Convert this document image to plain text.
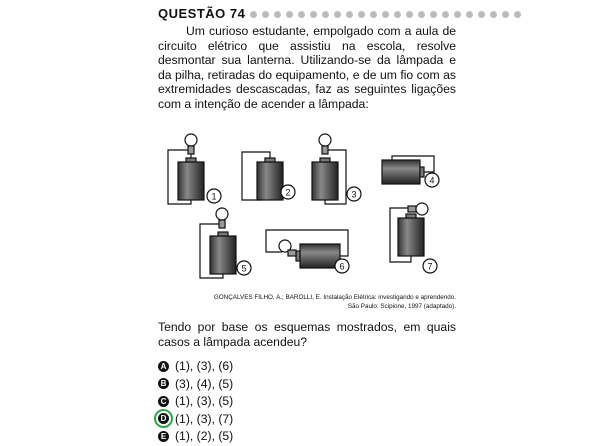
QUESTÃO 74
Um curioso estudante, empolgado com a aula de circuito elétrico que assistiu na escola, resolve desmontar sua lanterna. Utilizando-se da lâmpada e da pilha, retiradas do equipamento, e de um fio com as extremidades descascadas, faz as seguintes ligações com a intenção de acender a lâmpada:
1	2	3
4
5	6	7
GONÇALVES FILHO, A.; BAROLLI, E. Instalação Elétrica: investigando e aprendendo.
São Paulo: Scipione, 1997 (adaptado).
Tendo por base os esquemas mostrados, em quais casos a lâmpada acendeu?
A (1), (3), (6)
B (3), (4), (5)
C (1), (3), (5)
D (1), (3), (7)
E (1), (2), (5)
